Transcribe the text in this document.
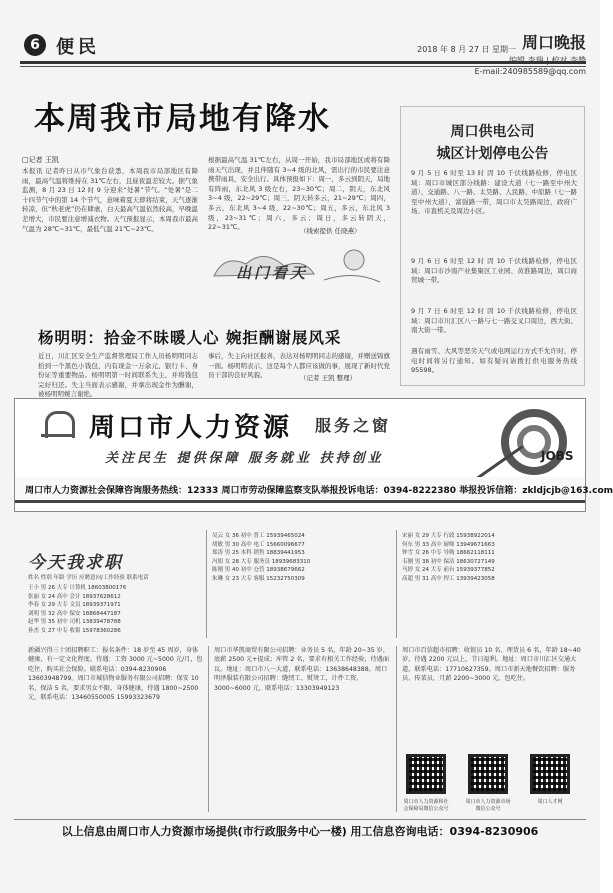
6 便民	2018 年 8 月 27 日 星期一
E-mail:240985589@qq.com
周口晚报
本周我市局地有降水
□记者 王凯
本报讯 记者昨日从市气象台获悉，本周我市局部地区有降雨，最高气温将维持在 31℃左右，且昼夜温差较大。据气象监测，8 月 23 日 12 时 9 分迎来“处暑”节气。“处暑”是二十四节气中的第 14 个节气，意味着夏天即将结束，天气逐渐转凉，但“秋老虎”仍在肆虐，白天最高气温依然较高，早晚温差增大，市民要注意增减衣物。天气预报显示，本周我市最高气温为 28℃~31℃，最低气温 21℃~23℃。
根据最高气温 31℃左右，从周一开始，我市局部地区或将有降雨天气出现，并且伴随有 3~4 级的北风，需出行的市民要注意携带雨具，安全出行。具体预报如下：周一，多云到阴天，局地有阵雨，东北风 3 级左右，23~30℃；周二，阴天，东北风 3~4 级，22~29℃；周三，阴天转多云，21~29℃；周四，多云，东北风 3~4 级，22~30℃；周五，多云，东北风 3 级，23~31℃；周六，多云；周日，多云转阴天，22~31℃。	（线索提供 任晓燕）
出门看天
杨明明：拾金不昧暖人心 婉拒酬谢展风采
近日，川汇区安全生产监督管理局工作人员杨明明同志拾到一个黑色小钱包，内有现金一万余元、银行卡、身份证等重要物品。杨明明第一时间联系失主，并将钱包完好归还。失主当面表示感谢，并拿出现金作为酬谢，被杨明明婉言谢绝。
事后，失主向社区报喜，表达对杨明明同志的感谢，并赠送锦旗一面。杨明明表示，这是每个人都应该做的事，展现了新时代党员干部的良好风貌。	（记者 王凯 整理）
周口供电公司
城区计划停电公告
9 月 5 日 6 时至 13 时 因 10 千伏线路检修，停电区域：周口市城区部分线路：建设大道（七一路至中州大道）、交通路、八一路、太昊路、人民路、中原路（七一路至中州大道），富强路一带，周口市太昊路周边，政府广场、市直机关及周边小区。
9 月 6 日 6 时至 12 时 因 10 千伏线路检修，停电区域：周口市沙南产业集聚区工业园、黄淮路周边，周口商贸城一带。
9 月 7 日 6 时至 12 时 因 10 千伏线路检修，停电区域：周口市川汇区八一路与七一路交叉口周边，西大街、南大街一带。
遇有雨雪、大风等恶劣天气或电网运行方式不允许时，停电时间将另行通知。如有疑问请拨打供电服务热线95598。
周口市人力资源 服务之窗
关注民生 提供保障 服务就业 扶持创业	JOBS
周口市人力资源社会保障咨询服务热线：12333 周口市劳动保障监察支队举报投诉电话：0394-8222380 举报投诉信箱：zkldjcjb@163.com
今天我求职
姓名 性别 年龄 学历 应聘意向/工作经验 联系电话
王小 男 26 大专 计算机 18603800176
张丽 女 24 高中 会计 18937628612
李春 女 29 大专 文员 18939371971
刘明 男 32 高中 保安 18868447187
赵华 男 35 初中 司机 13839478788
孙杰 女 27 中专 收银 15978360286
吴云 女 36 初中 普工 15939465024
胡敏 男 30 高中 电工 15660096677
郑涛 男 25 本科 销售 18839441953
冯娟 女 28 大专 服务员 18939683310
陈刚 男 40 初中 仓管 18938679662
朱琳 女 23 大专 客服 15232750309
宋丽 女 29 大专 行政 15938922014
何东 男 33 高中 厨师 13949671663
钟雪 女 26 中专 导购 18662118111
韦刚 男 38 初中 保洁 18630727149
马婷 女 24 大专 前台 15939377852
高超 男 31 高中 焊工 13939423058
新疆兴得三十团招聘职工：报名条件：18 岁至 45 周岁，身体健康，有一定文化程度。待遇：工资 3000 元~5000 元/月，包吃住，购买社会保险。联系电话：0394-8230906 13603948799。周口市城信物业服务有限公司招聘：保安 10 名，保洁 5 名，要求男女不限，身体健康，待遇 1800~2500 元，联系电话：13460550005 15993323679
周口市华凯商贸有限公司招聘：业务员 5 名，年龄 20~35 岁，底薪 2500 元+提成；库管 2 名，要求有相关工作经验，待遇面议。地址：周口市八一大道，联系电话：13638648388。周口明泽服装有限公司招聘：缝纫工、熨烫工，计件工资，3000~6000 元，联系电话：13303949123
周口市百信超市招聘：收银员 10 名、理货员 6 名，年龄 18~40 岁，待遇 2200 元以上，节日福利。地址：周口市川汇区交通大道，联系电话：17710627359。周口市新天地餐饮招聘：服务员、传菜员，月薪 2200~3000 元，包吃住。
周口市人力资源和社会保障局微信公众号
周口市人力资源市场微信公众号
周口人才网
以上信息由周口市人力资源市场提供(市行政服务中心一楼) 用工信息咨询电话：0394-8230906
